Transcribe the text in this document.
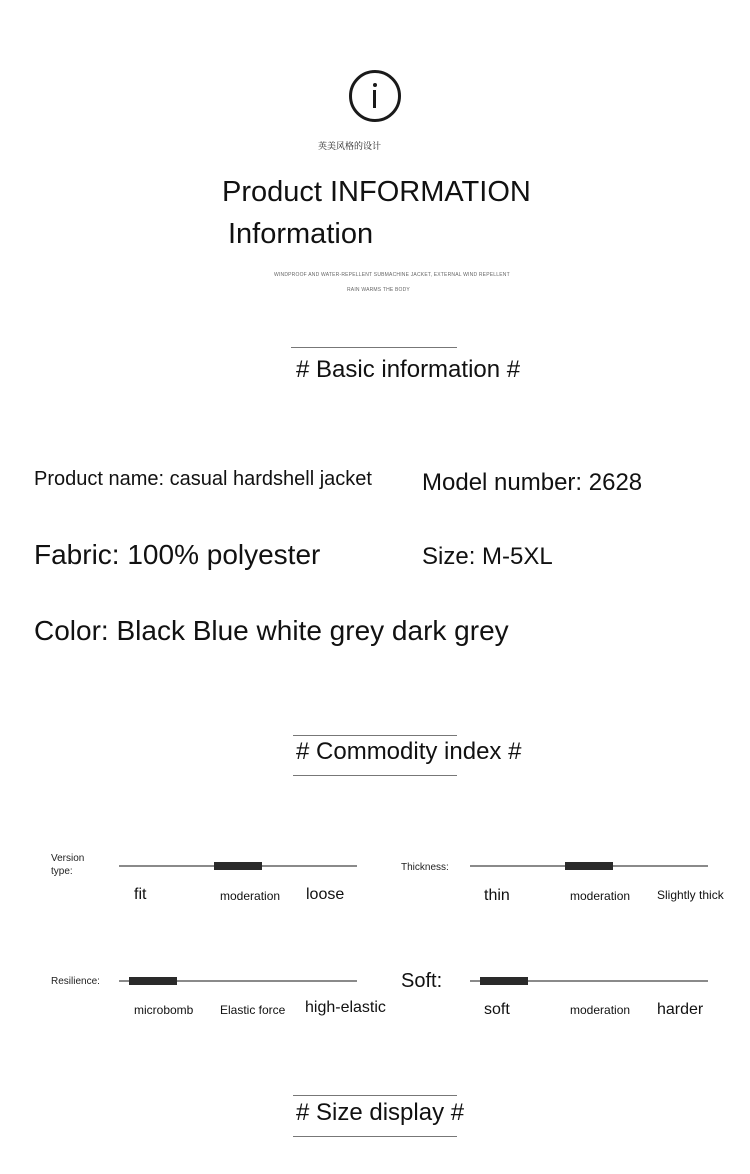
英美风格的设计
Product INFORMATION
Information
WINDPROOF AND WATER-REPELLENT SUBMACHINE JACKET, EXTERNAL WIND REPELLENT
RAIN WARMS THE BODY
# Basic information #
Product name: casual hardshell jacket Model number: 2628
Fabric: 100% polyester	Size: M-5XL
Color: Black Blue white grey dark grey
# Commodity index #
Version type:
fit	moderation loose
Thickness:
thin	moderation Slightly thick
Resilience:
microbomb Elastic force high-elastic
Soft:
soft	moderation harder
# Size display #
